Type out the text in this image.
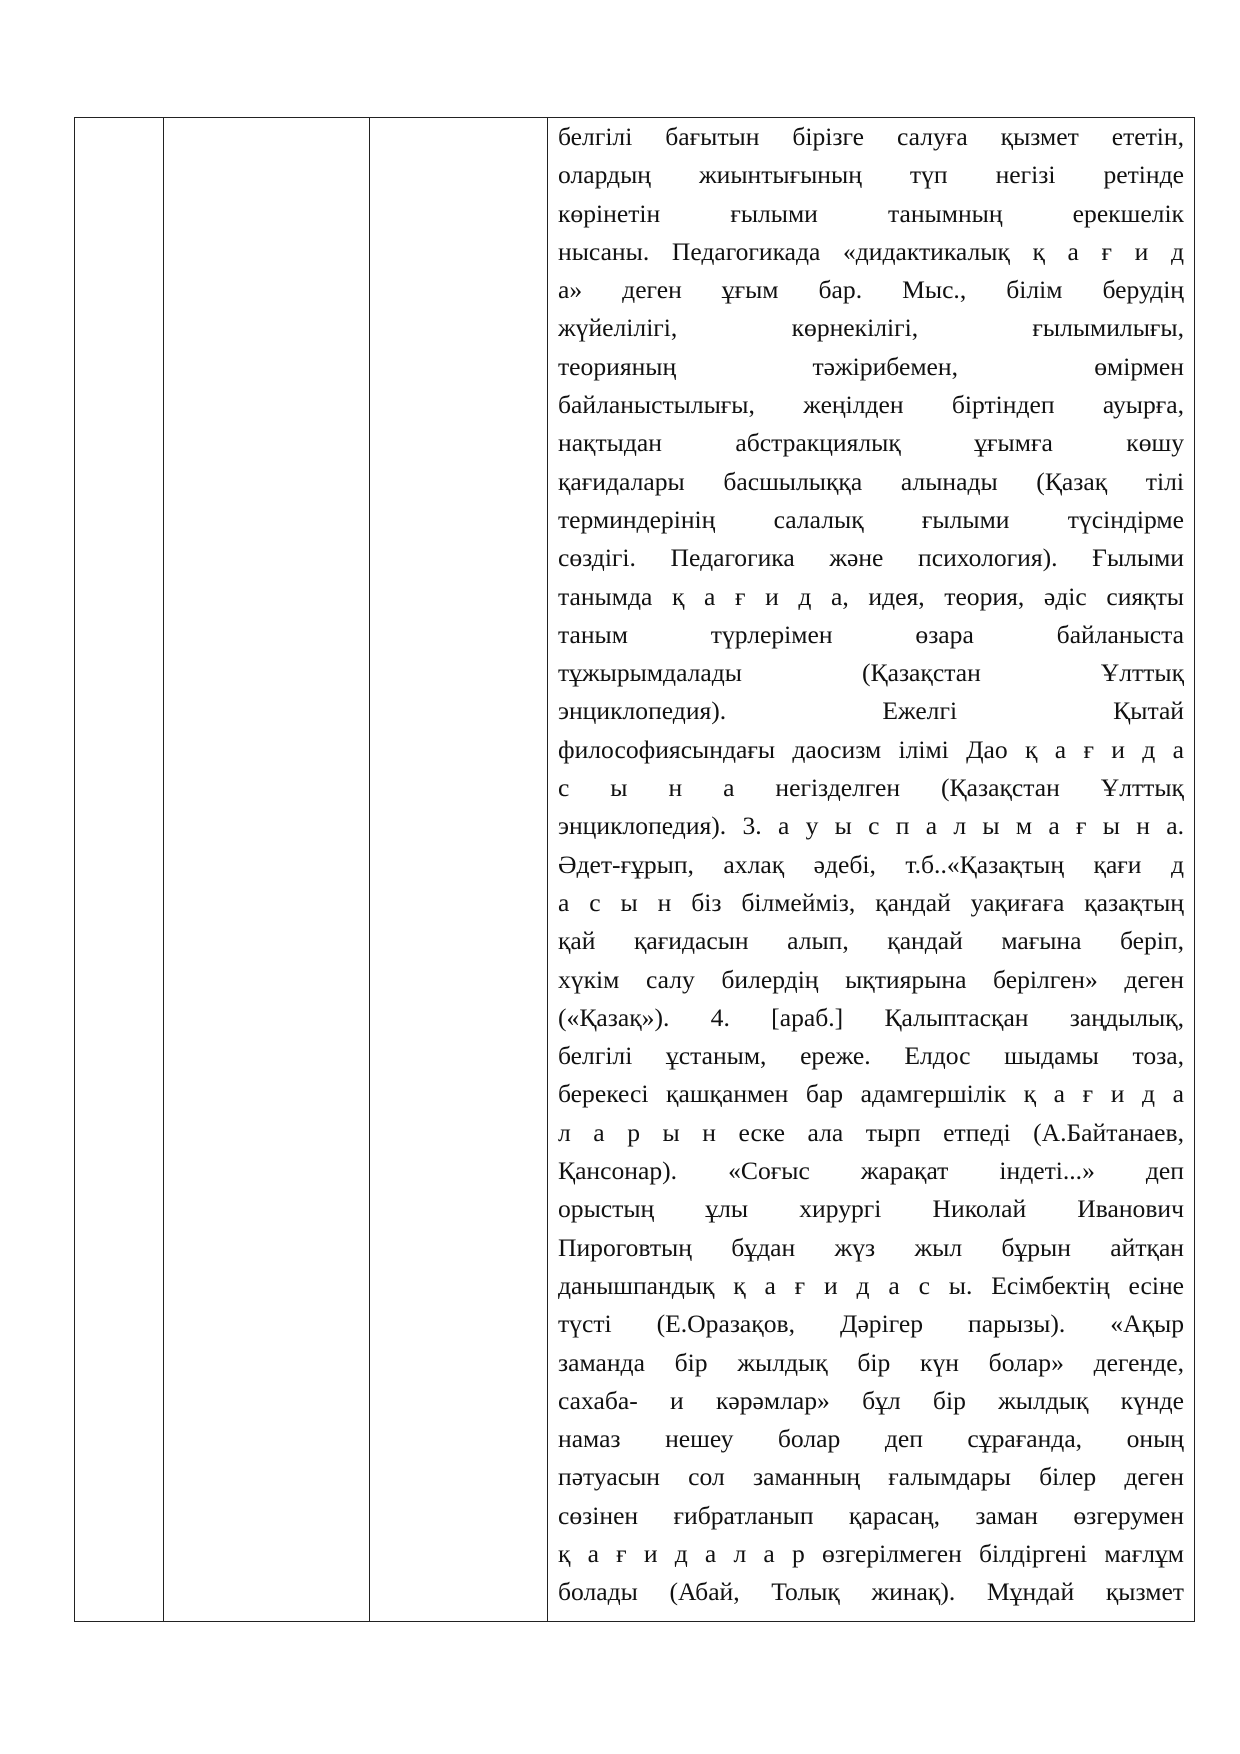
белгілі бағытын бірізге салуға қызмет ететін,
олардың жиынтығының түп негізі ретінде
көрінетін ғылыми танымның ерекшелік
нысаны. Педагогикада «дидактикалық қ а ғ и д
а» деген ұғым бар. Мыс., білім берудің
жүйелілігі, көрнекілігі, ғылымилығы,
теорияның тәжірибемен, өмірмен
байланыстылығы, жеңілден біртіндеп ауырға,
нақтыдан абстракциялық ұғымға көшу
қағидалары басшылыққа алынады (Қазақ тілі
терминдерінің салалық ғылыми түсіндірме
сөздігі. Педагогика және психология). Ғылыми
танымда қ а ғ и д а, идея, теория, әдіс сияқты
таным түрлерімен өзара байланыста
тұжырымдалады (Қазақстан Ұлттық
энциклопедия). Ежелгі Қытай
философиясындағы даосизм ілімі Дао қ а ғ и д а
с ы н а негізделген (Қазақстан Ұлттық
энциклопедия). 3. а у ы с п а л ы м а ғ ы н а.
Әдет-ғұрып, ахлақ әдебі, т.б..«Қазақтың қағи д
а с ы н біз білмейміз, қандай уақиғаға қазақтың
қай қағидасын алып, қандай мағына беріп,
хүкім салу билердің ықтиярына берілген» деген
(«Қазақ»). 4. [араб.] Қалыптасқан заңдылық,
белгілі ұстаным, ереже. Елдос шыдамы тоза,
берекесі қашқанмен бар адамгершілік қ а ғ и д а
л а р ы н еске ала тырп етпеді (А.Байтанаев,
Қансонар). «Соғыс жарақат індеті...» деп
орыстың ұлы хирургі Николай Иванович
Пироговтың бұдан жүз жыл бұрын айтқан
данышпандық қ а ғ и д а с ы. Есімбектің есіне
түсті (Е.Оразақов, Дәрігер парызы). «Ақыр
заманда бір жылдық бір күн болар» дегенде,
сахаба- и кәрәмлар» бұл бір жылдық күнде
намаз нешеу болар деп сұрағанда, оның
пәтуасын сол заманның ғалымдары білер деген
сөзінен ғибратланып қарасаң, заман өзгерумен
қ а ғ и д а л а р өзгерілмеген білдіргені мағлұм
болады (Абай, Толық жинақ). Мұндай қызмет
